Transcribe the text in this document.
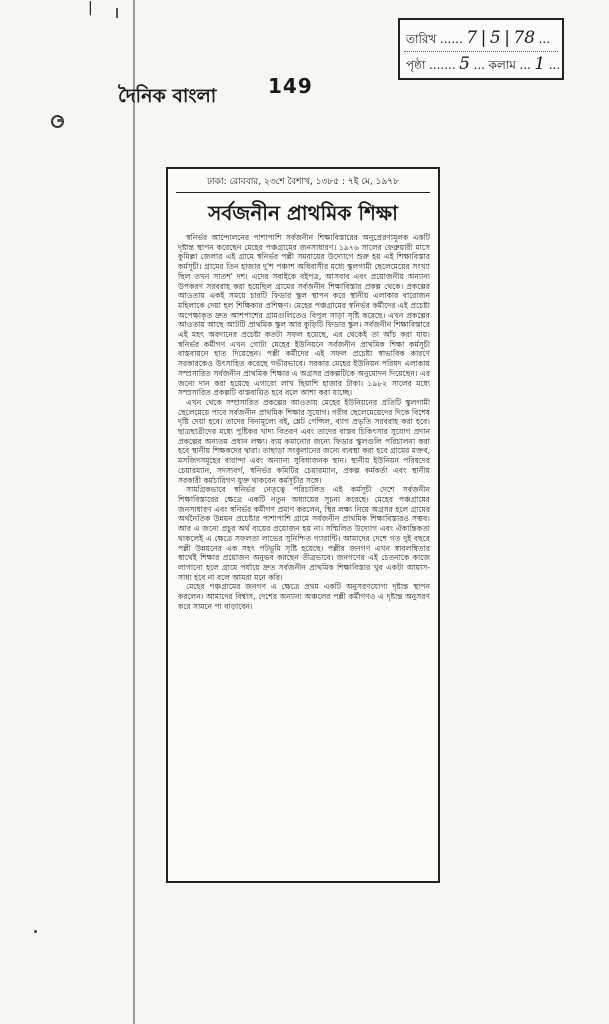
|
দৈনিক বাংলা	149
তারিখ ...... 7 | 5 | 78 ...
পৃষ্ঠা ....... 5 ... কলাম ... 1 ...
ঢাকা: রোববার, ২৩শে বৈশাখ, ১৩৮৫ : ৭ই মে, ১৯৭৮
সর্বজনীন প্রাথমিক শিক্ষা

স্বনির্ভর আন্দোলনের পাশাপাশি সর্বজনীন শিক্ষাবিস্তারের অনুপ্রেরণামূলক একটি দৃষ্টান্ত স্থাপন করেছেন মেহের পঞ্চগ্রামের জনসাধারণ। ১৯৭৬ সালের ফেব্রুয়ারী মাসে কুমিল্লা জেলার এই গ্রামে স্বনির্ভর পল্লী সমবায়ের উদ্যোগে শুরু হয় এই শিক্ষাবিস্তার কর্মসূচী। গ্রামের তিন হাজার দু'শ পঞ্চাশ অধিবাসীর মধ্যে স্কুলগামী ছেলেমেয়ের সংখ্যা ছিল তখন সাতশ' দশ। এদের সবাইকে বইপত্র, আসবাব এবং প্রয়োজনীয় অন্যান্য উপকরণ সরবরাহ করা হয়েছিল গ্রামের সর্বজনীন শিক্ষাবিস্তার প্রকল্প থেকে। প্রকল্পের আওতায় একই সময়ে চারটি ফিডার স্কুল স্থাপন করে স্থানীয় এলাকার বারোজন মহিলাকে দেয়া হল শিক্ষিকার প্রশিক্ষণ। মেহের পঞ্চগ্রামের স্বনির্ভর কর্মীদের এই প্রচেষ্টা অপেক্ষাকৃত দ্রুত আশপাশের গ্রামগুলিতেও বিপুল সাড়া সৃষ্টি করেছে। এখন প্রকল্পের আওতায় আছে আটটি প্রাথমিক স্কুল আর কুড়িটি ফিডার স্কুল। সর্বজনীন শিক্ষাবিস্তারে এই মহৎ অবদানের প্রচেষ্টা কতটা সফল হয়েছে, এর থেকেই তা আঁচ করা যায়। স্বনির্ভর কর্মীগণ এখন গোটা মেহের ইউনিয়নে সর্বজনীন প্রাথমিক শিক্ষা কর্মসূচী বাস্তবায়নে হাত দিয়েছেন। পল্লী কর্মীদের এই সফল প্রচেষ্টা স্বাভাবিক কারণে সরকারকেও উৎসাহিত করেছে গভীরভাবে। সরকার মেহের ইউনিয়ন পরিষদ এলাকায় সম্প্রসারিত সর্বজনীন প্রাথমিক শিক্ষার এ অগ্রসর প্রকল্পটিকে অনুমোদন দিয়েছেন। এর জন্যে দান করা হয়েছে এগারো লাখ ছিয়াশি হাজার টাকা। ১৯৮২ সালের মধ্যে সম্প্রসারিত প্রকল্পটি বাস্তবায়িত হবে বলে আশা করা যাচ্ছে।

এখন থেকে সম্প্রসারিত প্রকল্পের আওতায় মেহের ইউনিয়নের প্রতিটি স্কুলগামী ছেলেমেয়ে পাবে সর্বজনীন প্রাথমিক শিক্ষার সুযোগ। গরীব ছেলেমেয়েদের দিকে বিশেষ দৃষ্টি দেয়া হবে। তাদের বিনামূল্যে বই, শ্লেট পেন্সিল, ব্যাগ প্রভৃতি সরবরাহ করা হবে। ছাত্রছাত্রীদের মধ্যে পুষ্টিকর খাদ্য বিতরণ এবং তাদের বাস্তব চিকিৎসার সুযোগ প্রদান প্রকল্পের অন্যতম প্রধান লক্ষ্য। ব্যয় কমানোর জন্যে ফিডার স্কুলগুলি পরিচালনা করা হবে স্থানীয় শিক্ষকদের দ্বারা। তাছাড়া সংকুলানের জন্যে ব্যবস্থা করা হবে গ্রামের মক্তব, মসজিদসমূহের বারান্দা এবং অন্যান্য সুবিধাজনক স্থান। স্থানীয় ইউনিয়ন পরিষদের চেয়ারম্যান, সদস্যবর্গ, স্বনির্ভর কমিটির চেয়ারম্যান, প্রকল্প কর্মকর্তা এবং স্থানীয় সরকারী কর্মচারিগণ যুক্ত থাকবেন কর্মসূচীর সঙ্গে।

সামগ্রিকভাবে স্বনির্ভর নেতৃত্বে পরিচালিত এই কর্মসূচী দেশে সর্বজনীন শিক্ষাবিস্তারের ক্ষেত্রে একটি নতুন অধ্যায়ের সূচনা করেছে। মেহের পঞ্চগ্রামের জনসাধারণ এবং স্বনির্ভর কর্মীগণ প্রমাণ করলেন, স্থির লক্ষ্য নিয়ে অগ্রসর হলে গ্রামের অর্থনৈতিক উন্নয়ন প্রচেষ্টার পাশাপাশি গ্রামে সর্বজনীন প্রাথমিক শিক্ষাবিস্তারও সম্ভব। আর এ জন্যে প্রচুর অর্থ ব্যয়ের প্রয়োজন হয় না। সম্মিলিত উদ্যোগ এবং ঐকান্তিকতা থাকলেই এ ক্ষেত্রে সফলতা লাভের সুনিশ্চিত গ্যারান্টি। আমাদের দেশে গত দুই বছরে পল্লী উন্নয়নের এক সহৎ পটভূমি সৃষ্টি হয়েছে। পল্লীর জনগণ এখন স্বাবলম্বিতার স্বার্থেই শিক্ষার প্রয়োজন অনুভব করছেন তীব্রভাবে। জনগণের এই চেতনাকে কাজে লাগানো হলে গ্রামে পর্যায়ে দ্রুত সর্বজনীন প্রাথমিক শিক্ষাবিস্তার খুব একটা আয়াস-সাধ্য হবে না বলে আমরা মনে করি।

মেহের পঞ্চগ্রামের জনগণ এ ক্ষেত্রে প্রথম একটি অনুসরণযোগ্য দৃষ্টান্ত স্থাপন করলেন। আমাদের বিশ্বাস, দেশের অন্যান্য অঞ্চলের পল্লী কর্মীগণও এ দৃষ্টান্ত অনুসরণ করে সামনে পা বাড়াবেন।
